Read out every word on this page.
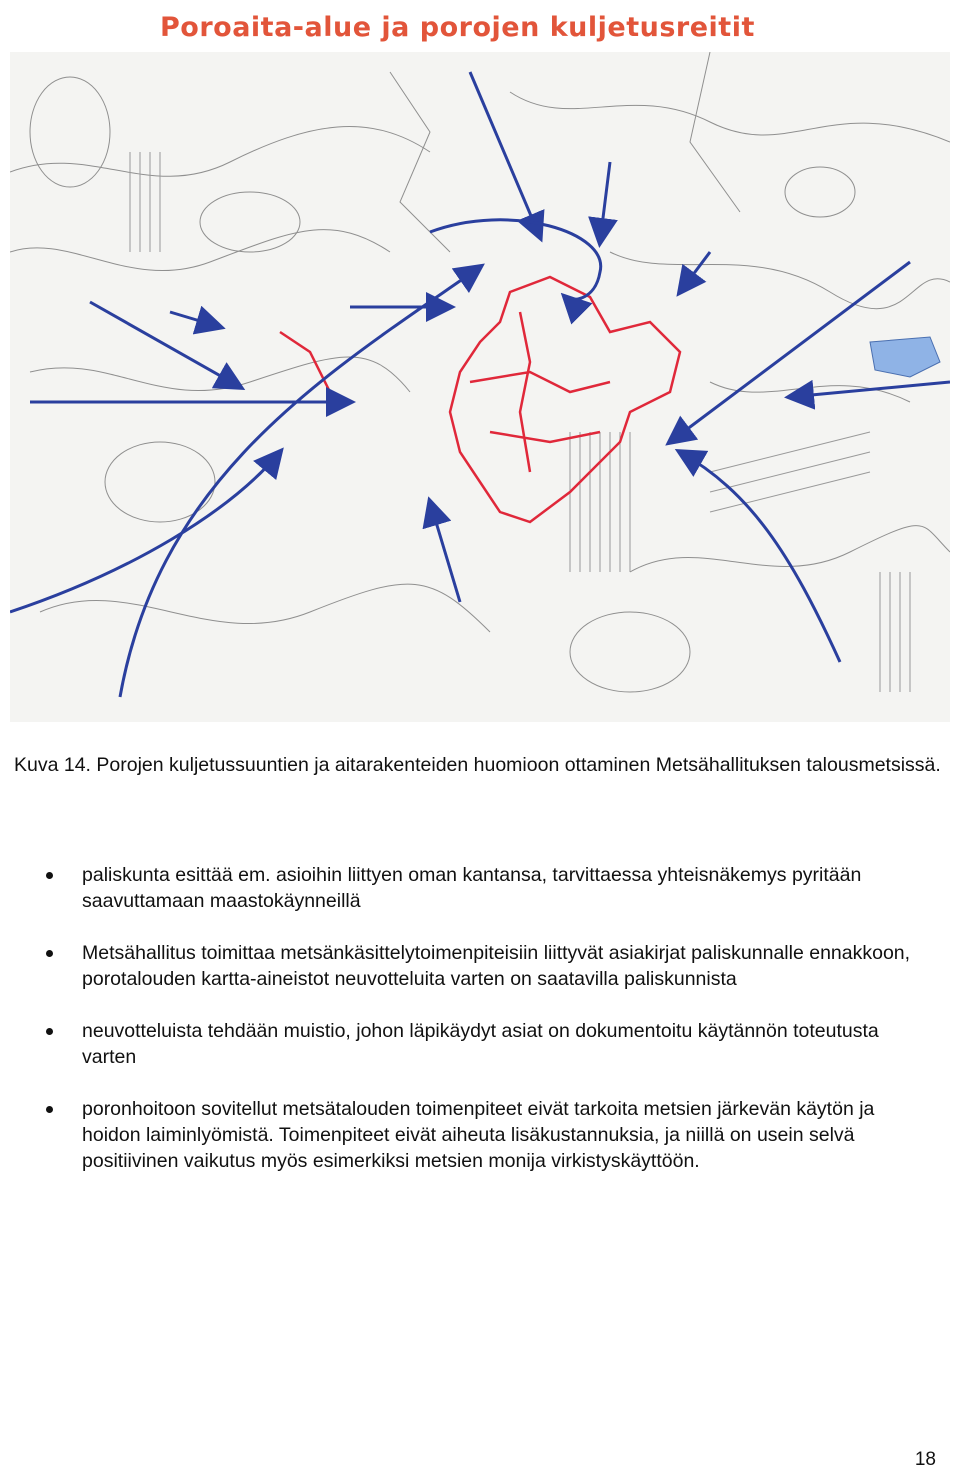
Poroaita-alue ja porojen kuljetusreitit
Kuva 14. Porojen kuljetussuuntien ja aitarakenteiden huomioon ottaminen Metsähallituksen talousmetsissä.
paliskunta esittää em. asioihin liittyen oman kantansa, tarvittaessa yhteisnäkemys pyritään saavuttamaan maastokäynneillä
Metsähallitus toimittaa metsänkäsittelytoimenpiteisiin liittyvät asiakirjat paliskunnalle ennakkoon, porotalouden kartta-aineistot neuvotteluita varten on saatavilla paliskunnista
neuvotteluista tehdään muistio, johon läpikäydyt asiat on dokumentoitu käytännön toteutusta varten
poronhoitoon sovitellut metsätalouden toimenpiteet eivät tarkoita metsien järkevän käytön ja hoidon laiminlyömistä. Toimenpiteet eivät aiheuta lisäkustannuksia, ja niillä on usein selvä positiivinen vaikutus myös esimerkiksi metsien monija virkistyskäyttöön.
18
